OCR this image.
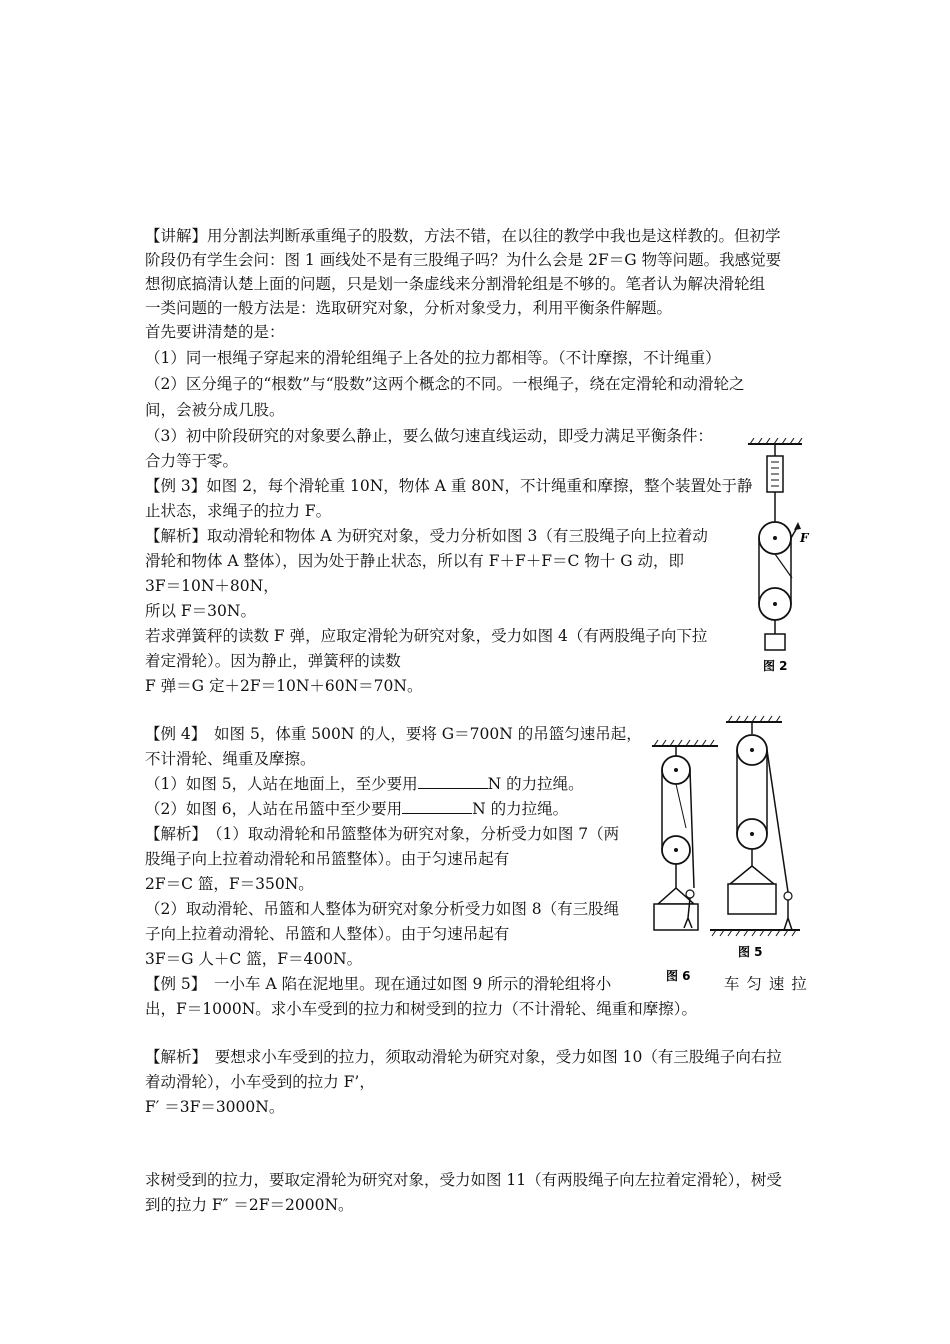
【讲解】用分割法判断承重绳子的股数，方法不错，在以往的教学中我也是这样教的。但初学
阶段仍有学生会问：图 1 画线处不是有三股绳子吗？为什么会是 2F＝G 物等问题。我感觉要
想彻底搞清认楚上面的问题，只是划一条虚线来分割滑轮组是不够的。笔者认为解决滑轮组
一类问题的一般方法是：选取研究对象，分析对象受力，利用平衡条件解题。
首先要讲清楚的是：
（1）同一根绳子穿起来的滑轮组绳子上各处的拉力都相等。（不计摩擦，不计绳重）
（2）区分绳子的“根数”与“股数”这两个概念的不同。一根绳子，绕在定滑轮和动滑轮之
间，会被分成几股。
（3）初中阶段研究的对象要么静止，要么做匀速直线运动，即受力满足平衡条件：
合力等于零。
【例 3】如图 2，每个滑轮重 10N，物体 A 重 80N，不计绳重和摩擦，整个装置处于静
止状态，求绳子的拉力 F。
【解析】取动滑轮和物体 A 为研究对象，受力分析如图 3（有三股绳子向上拉着动
滑轮和物体 A 整体），因为处于静止状态，所以有 F＋F＋F＝C 物十 G 动，即
3F＝10N＋80N，
所以 F＝30N。
若求弹簧秤的读数 F 弹，应取定滑轮为研究对象，受力如图 4（有两股绳子向下拉
着定滑轮）。因为静止，弹簧秤的读数
F 弹＝G 定＋2F＝10N＋60N＝70N。
【例 4】　如图 5，体重 500N 的人，要将 G＝700N 的吊篮匀速吊起，
不计滑轮、绳重及摩擦。
（1）如图 5，人站在地面上，至少要用	N 的力拉绳。
（2）如图 6，人站在吊篮中至少要用	N 的力拉绳。
【解析】　（1）取动滑轮和吊篮整体为研究对象，分析受力如图 7（两
股绳子向上拉着动滑轮和吊篮整体）。由于匀速吊起有
2F＝C 篮，F＝350N。
（2）取动滑轮、吊篮和人整体为研究对象分析受力如图 8（有三股绳
子向上拉着动滑轮、吊篮和人整体）。由于匀速吊起有
3F＝G 人＋C 篮，F＝400N。
【例 5】　一小车 A 陷在泥地里。现在通过如图 9 所示的滑轮组将小	车 匀 速 拉
出，F＝1000N。求小车受到的拉力和树受到的拉力（不计滑轮、绳重和摩擦）。
【解析】　要想求小车受到的拉力，须取动滑轮为研究对象，受力如图 10（有三股绳子向右拉
着动滑轮），小车受到的拉力 F’，
F′ ＝3F＝3000N。
求树受到的拉力，要取定滑轮为研究对象，受力如图 11（有两股绳子向左拉着定滑轮），树受
到的拉力 F″ ＝2F＝2000N。
F
图 2
图 6
图 5
